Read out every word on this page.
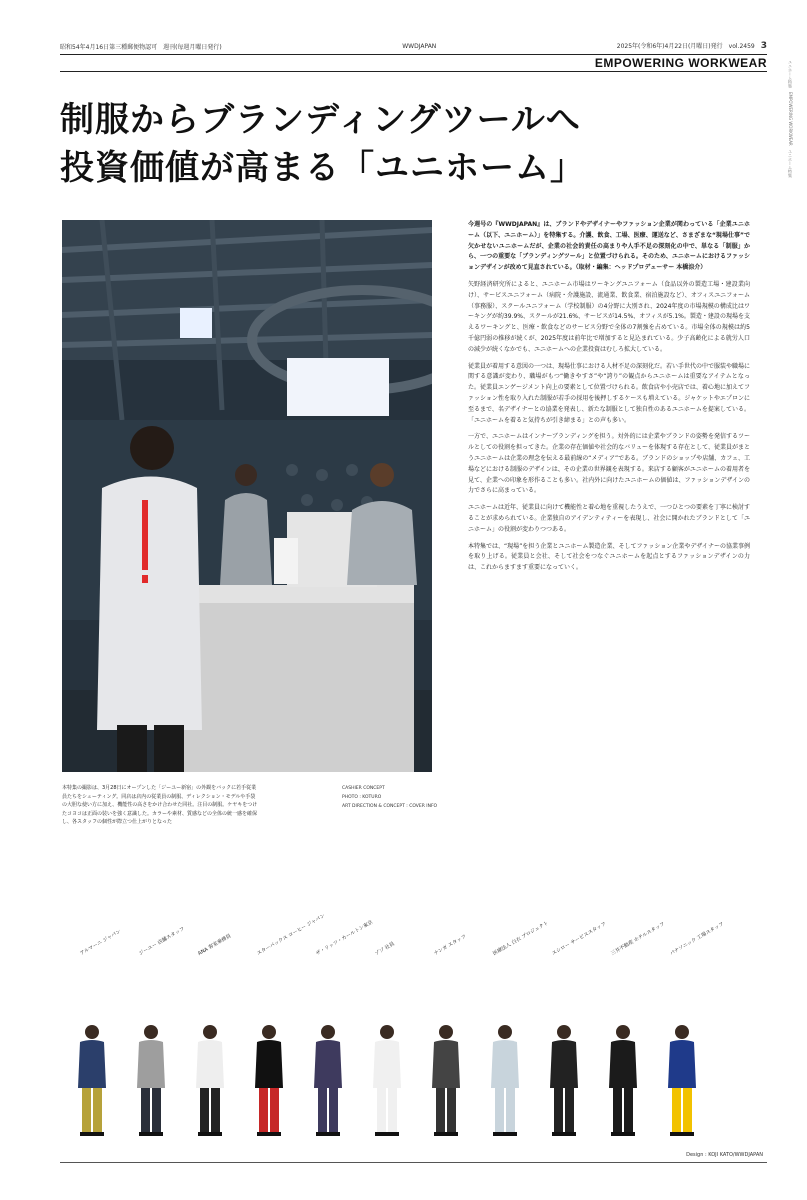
昭和54年4月16日第三種郵便物認可　週刊(毎週月曜日発行)	WWDJAPAN	2025年(令和6年)4月22日(月曜日)発行　vol.2459　 3
EMPOWERING WORKWEAR	ユニホーム特集　EMPOWERING WORKWEAR　ユニホーム特集
制服からブランディングツールへ
投資価値が高まる「ユニホーム」
本特集の撮影は、3月28日にオープンした「ジーユー新宿」の外観をバックに若手従業員たちをシューティング。同店は店内の従業員の制服、ディレクション・モデルや手袋の大胆な使い方に加え、機能性の高さをかけ合わせた同社。注目の制服。ケヤキをつけたコヨコは正面の装いを強く意識した。カラーや素材、質感などの全体の統一感を確保し、各スタッフの個性が際立つ仕上がりとなった
CASHIER CONCEPT
PHOTO : KOTURO
ART DIRECTION & CONCEPT : COVER INFO

今週号の『WWDJAPAN』は、ブランドやデザイナーやファッション企業が関わっている「企業ユニホーム（以下、ユニホーム）」を特集する。介護、飲食、工場、医療、運送など、さまざまな“現場仕事”で欠かせないユニホームだが、企業の社会的責任の高まりや人手不足の深刻化の中で、単なる「制服」から、一つの重要な「ブランディングツール」と位置づけられる。そのため、ユニホームにおけるファッションデザインが改めて見直されている。（取材・編集：ヘッドプロデューサー 本橋涼介）

矢野経済研究所によると、ユニホーム市場はワーキングユニフォーム（食品以外の製造工場・建設業向け）、サービスユニフォーム（病院・介護施設、流通業、飲食業、宿泊施設など）、オフィスユニフォーム（事務服）、スクールユニフォーム（学校制服）の4分野に大別され、2024年度の市場規模の構成比はワーキングが約39.9%、スクールが21.6%、サービスが14.5%、オフィスが5.1%。製造・建設の現場を支えるワーキングと、医療・飲食などのサービス分野で全体の7割強を占めている。市場全体の規模は約5千億円弱の推移が続くが、2025年度は前年比で増加すると見込まれている。少子高齢化による就労人口の減少が続くなかでも、ユニホームへの企業投資はむしろ拡大している。

従業員が着用する意図の一つは、現場仕事における人材不足の深刻化だ。若い手世代の中で服装や職場に関する意識が変わり、職場がもつ“働きやすさ”や“誇り”の観点からユニホームは重要なアイテムとなった。従業員エンゲージメント向上の要素として位置づけられる。飲食店や小売店では、着心地に加えてファッション性を取り入れた制服が若手の採用を後押しするケースも増えている。ジャケットやエプロンに至るまで、名デザイナーとの協業を発表し、新たな制服として独自性のあるユニホームを提案している。「ユニホームを着ると気持ちが引き締まる」との声も多い。

一方で、ユニホームはインナーブランディングを担う。対外的には企業やブランドの姿勢を発信するツールとしての役割を担ってきた。企業の存在価値や社会的なバリューを体現する存在として、従業員がまとうユニホームは企業の理念を伝える最前線の“メディア”である。ブランドのショップや店舗、カフェ、工場などにおける制服のデザインは、その企業の世界観を表現する。来店する顧客がユニホームの着用者を見て、企業への印象を形作ることも多い。社内外に向けたユニホームの価値は、ファッションデザインの力でさらに高まっている。

ユニホームは近年、従業員に向けて機能性と着心地を重視したうえで、一つひとつの要素を丁寧に検討することが求められている。企業独自のアイデンティティーを表現し、社会に開かれたブランドとして「ユニホーム」の役割が変わりつつある。

本特集では、“現場”を担う企業とユニホーム製造企業、そしてファッション企業やデザイナーの協業事例を取り上げる。従業員と会社、そして社会をつなぐユニホームを起点とするファッションデザインの力は、これからますます重要になっていく。

アルマーニ ジャパン	ジーユー 店舗スタッフ	ANA 客室乗務員	スターバックス コーヒー ジャパン
ザ・リッツ・カールトン東京 ゾゾ 社員	ナンガ スタッフ	医療法人 白衣 プロジェクト スシロー サービススタッフ 三井不動産 ホテルスタッフ パナソニック 工場スタッフ
Design : KOJI KATO/WWDJAPAN
